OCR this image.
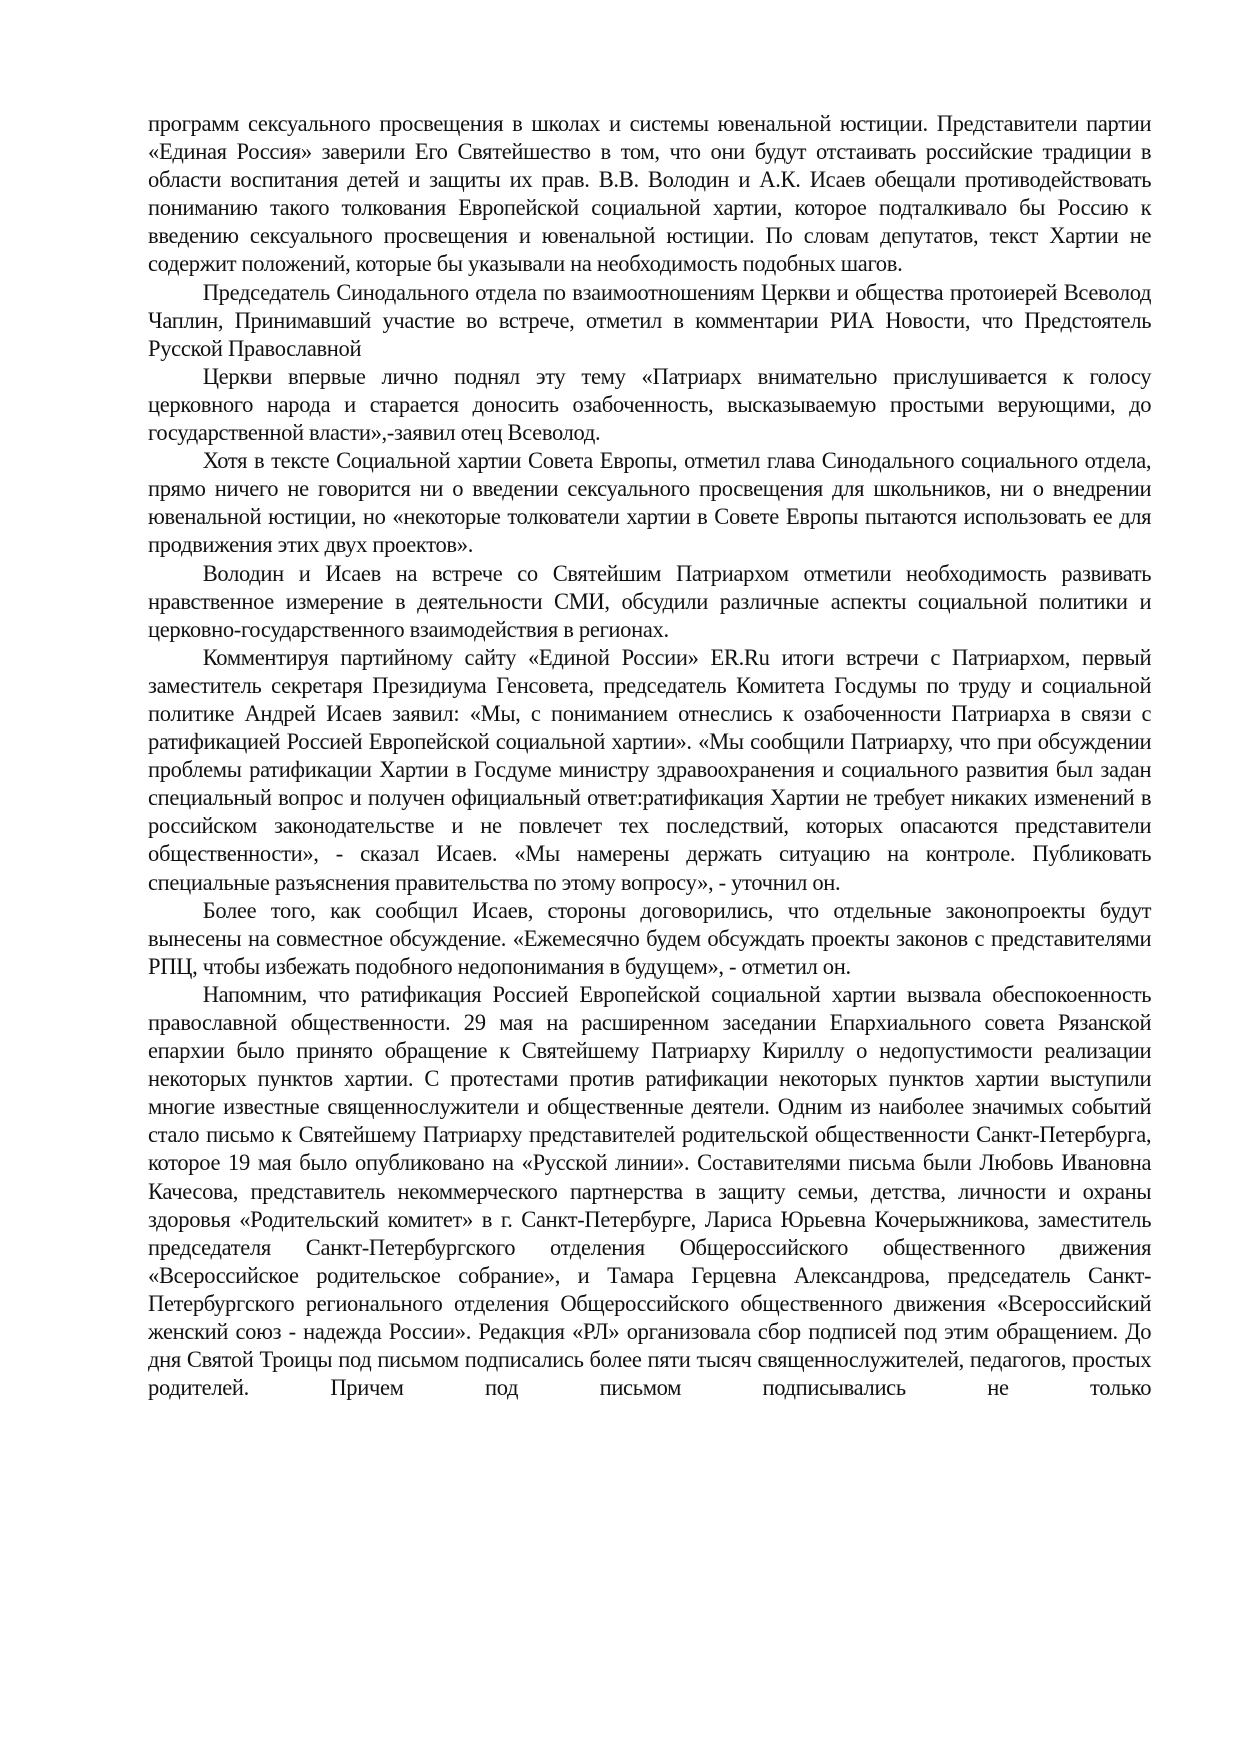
программ сексуального просвещения в школах и системы ювенальной юстиции. Представители партии «Единая Россия» заверили Его Святейшество в том, что они будут отстаивать российские традиции в области воспитания детей и защиты их прав. В.В. Володин и А.К. Исаев обещали противодействовать пониманию такого толкования Европейской социальной хартии, которое подталкивало бы Россию к введению сексуального просвещения и ювенальной юстиции. По словам депутатов, текст Хартии не содержит положений, которые бы указывали на необходимость подобных шагов.

Председатель Синодального отдела по взаимоотношениям Церкви и общества протоиерей Всеволод Чаплин, Принимавший участие во встрече, отметил в комментарии РИА Новости, что Предстоятель Русской Православной

Церкви впервые лично поднял эту тему «Патриарх внимательно прислушивается к голосу церковного народа и старается доносить озабоченность, высказываемую простыми верующими, до государственной власти»,-заявил отец Всеволод.

Хотя в тексте Социальной хартии Совета Европы, отметил глава Синодального социального отдела, прямо ничего не говорится ни о введении сексуального просвещения для школьников, ни о внедрении ювенальной юстиции, но «некоторые толкователи хартии в Совете Европы пытаются использовать ее для продвижения этих двух проектов».

Володин и Исаев на встрече со Святейшим Патриархом отметили необходимость развивать нравственное измерение в деятельности СМИ, обсудили различные аспекты социальной политики и церковно-государственного взаимодействия в регионах.

Комментируя партийному сайту «Единой России» ER.Ru итоги встречи с Патриархом, первый заместитель секретаря Президиума Генсовета, председатель Комитета Госдумы по труду и социальной политике Андрей Исаев заявил: «Мы, с пониманием отнеслись к озабоченности Патриарха в связи с ратификацией Россией Европейской социальной хартии». «Мы сообщили Патриарху, что при обсуждении проблемы ратификации Хартии в Госдуме министру здравоохранения и социального развития был задан специальный вопрос и получен официальный ответ:ратификация Хартии не требует никаких изменений в российском законодательстве и не повлечет тех последствий, которых опасаются представители общественности», - сказал Исаев. «Мы намерены держать ситуацию на контроле. Публиковать специальные разъяснения правительства по этому вопросу», - уточнил он.

Более того, как сообщил Исаев, стороны договорились, что отдельные законопроекты будут вынесены на совместное обсуждение. «Ежемесячно будем обсуждать проекты законов с представителями РПЦ, чтобы избежать подобного недопонимания в будущем», - отметил он.

Напомним, что ратификация Россией Европейской социальной хартии вызвала обеспокоенность православной общественности. 29 мая на расширенном заседании Епархиального совета Рязанской епархии было принято обращение к Святейшему Патриарху Кириллу о недопустимости реализации некоторых пунктов хартии. С протестами против ратификации некоторых пунктов хартии выступили многие известные священнослужители и общественные деятели. Одним из наиболее значимых событий стало письмо к Святейшему Патриарху представителей родительской общественности Санкт-Петербурга, которое 19 мая было опубликовано на «Русской линии». Составителями письма были Любовь Ивановна Качесова, представитель некоммерческого партнерства в защиту семьи, детства, личности и охраны здоровья «Родительский комитет» в г. Санкт-Петербурге, Лариса Юрьевна Кочерыжникова, заместитель председателя Санкт-Петербургского отделения Общероссийского общественного движения «Всероссийское родительское собрание», и Тамара Герцевна Александрова, председатель Санкт-Петербургского регионального отделения Общероссийского общественного движения «Всероссийский женский союз - надежда России». Редакция «РЛ» организовала сбор подписей под этим обращением. До дня Святой Троицы под письмом подписались более пяти тысяч священнослужителей, педагогов, простых родителей. Причем под письмом подписывались не только
